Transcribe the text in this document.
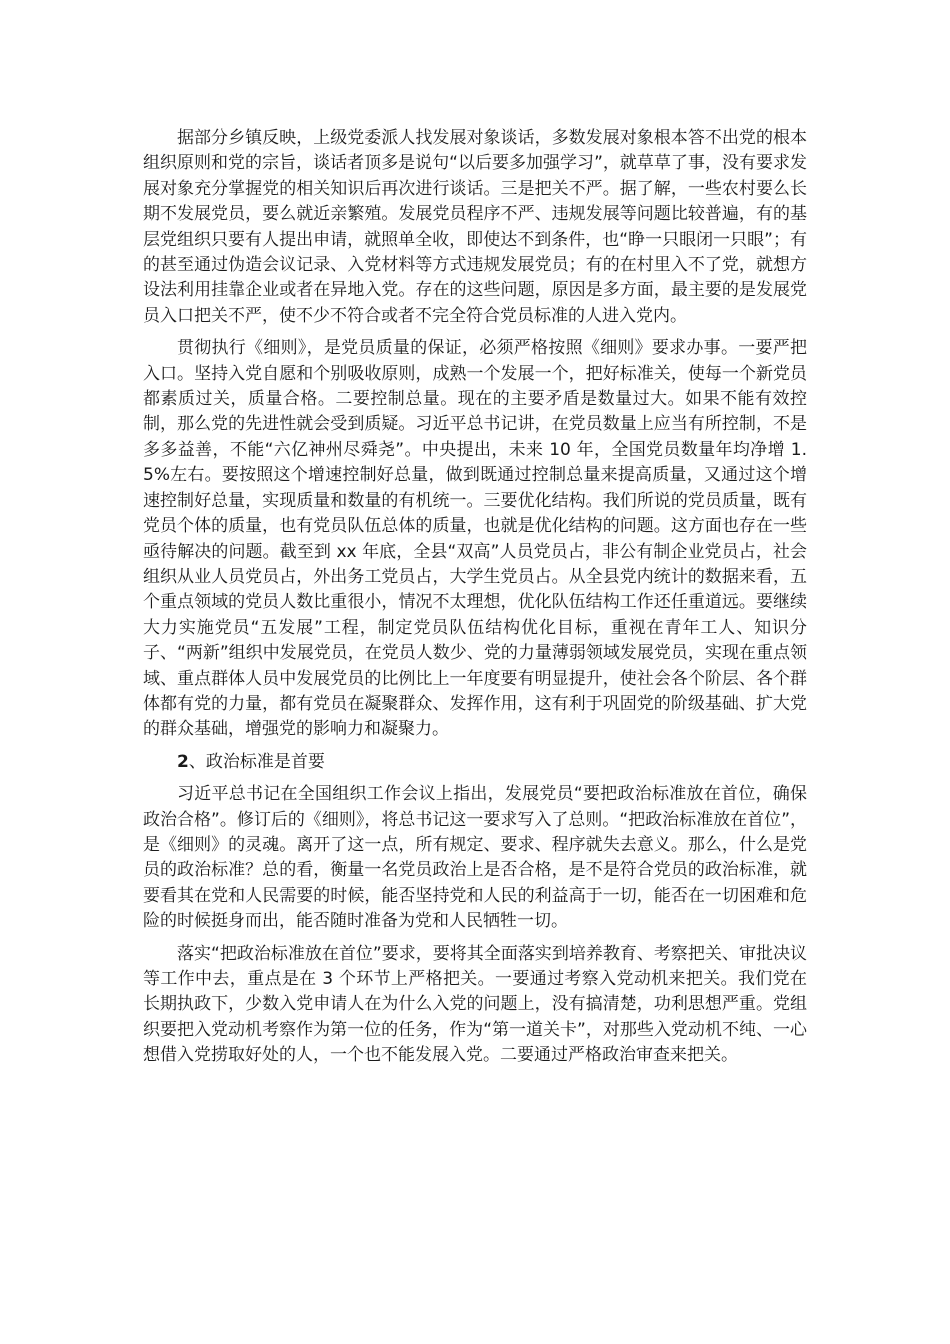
据部分乡镇反映，上级党委派人找发展对象谈话，多数发展对象根本答不出党的根本组织原则和党的宗旨，谈话者顶多是说句“以后要多加强学习”，就草草了事，没有要求发展对象充分掌握党的相关知识后再次进行谈话。三是把关不严。据了解，一些农村要么长期不发展党员，要么就近亲繁殖。发展党员程序不严、违规发展等问题比较普遍，有的基层党组织只要有人提出申请，就照单全收，即使达不到条件，也“睁一只眼闭一只眼”；有的甚至通过伪造会议记录、入党材料等方式违规发展党员；有的在村里入不了党，就想方设法利用挂靠企业或者在异地入党。存在的这些问题，原因是多方面，最主要的是发展党员入口把关不严，使不少不符合或者不完全符合党员标准的人进入党内。

贯彻执行《细则》，是党员质量的保证，必须严格按照《细则》要求办事。一要严把入口。坚持入党自愿和个别吸收原则，成熟一个发展一个，把好标准关，使每一个新党员都素质过关，质量合格。二要控制总量。现在的主要矛盾是数量过大。如果不能有效控制，那么党的先进性就会受到质疑。习近平总书记讲，在党员数量上应当有所控制，不是多多益善，不能“六亿神州尽舜尧”。中央提出，未来 10 年，全国党员数量年均净增 1.5%左右。要按照这个增速控制好总量，做到既通过控制总量来提高质量，又通过这个增速控制好总量，实现质量和数量的有机统一。三要优化结构。我们所说的党员质量，既有党员个体的质量，也有党员队伍总体的质量，也就是优化结构的问题。这方面也存在一些亟待解决的问题。截至到 xx 年底，全县“双高”人员党员占，非公有制企业党员占，社会组织从业人员党员占，外出务工党员占，大学生党员占。从全县党内统计的数据来看，五个重点领域的党员人数比重很小，情况不太理想，优化队伍结构工作还任重道远。要继续大力实施党员“五发展”工程，制定党员队伍结构优化目标，重视在青年工人、知识分子、“两新”组织中发展党员，在党员人数少、党的力量薄弱领域发展党员，实现在重点领域、重点群体人员中发展党员的比例比上一年度要有明显提升，使社会各个阶层、各个群体都有党的力量，都有党员在凝聚群众、发挥作用，这有利于巩固党的阶级基础、扩大党的群众基础，增强党的影响力和凝聚力。

2、政治标准是首要

习近平总书记在全国组织工作会议上指出，发展党员“要把政治标准放在首位，确保政治合格”。修订后的《细则》，将总书记这一要求写入了总则。“把政治标准放在首位”，是《细则》的灵魂。离开了这一点，所有规定、要求、程序就失去意义。那么，什么是党员的政治标准？总的看，衡量一名党员政治上是否合格，是不是符合党员的政治标准，就要看其在党和人民需要的时候，能否坚持党和人民的利益高于一切，能否在一切困难和危险的时候挺身而出，能否随时准备为党和人民牺牲一切。

落实“把政治标准放在首位”要求，要将其全面落实到培养教育、考察把关、审批决议等工作中去，重点是在 3 个环节上严格把关。一要通过考察入党动机来把关。我们党在长期执政下，少数入党申请人在为什么入党的问题上，没有搞清楚，功利思想严重。党组织要把入党动机考察作为第一位的任务，作为“第一道关卡”，对那些入党动机不纯、一心想借入党捞取好处的人，一个也不能发展入党。二要通过严格政治审查来把关。
